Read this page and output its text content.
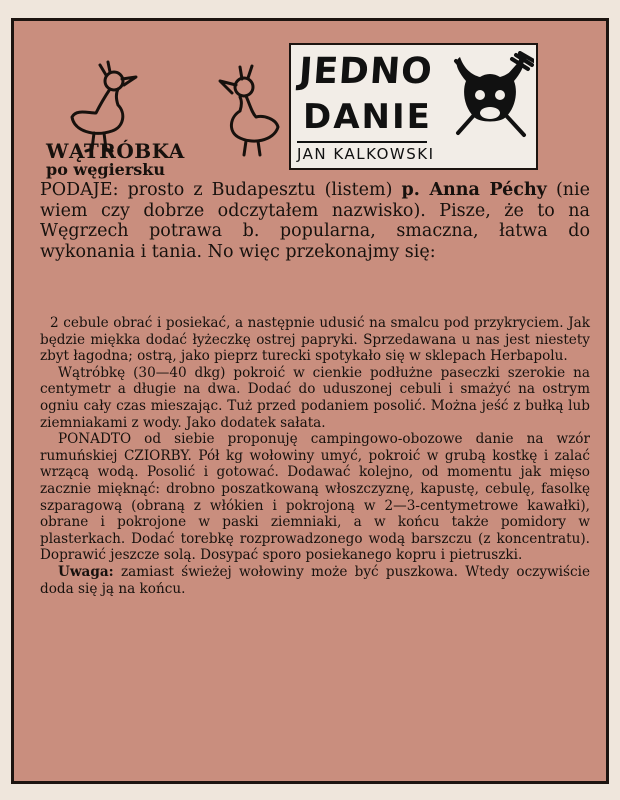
WĄTRÓBKA
po węgiersku
JEDNO
DANIE
JAN KALKOWSKI
PODAJE: prosto z Budapesztu (listem) p. Anna Péchy (nie wiem czy dobrze odczytałem nazwisko). Pisze, że to na Węgrzech potrawa b. popularna, smaczna, łatwa do wykonania i tania. No więc przekonajmy się:

2 cebule obrać i posiekać, a następnie udusić na smalcu pod przykryciem. Jak będzie miękka dodać łyżeczkę ostrej papryki. Sprzedawana u nas jest niestety zbyt łagodna; ostrą, jako pieprz turecki spotykało się w sklepach Herbapolu.

Wątróbkę (30—40 dkg) pokroić w cienkie podłużne paseczki szerokie na centymetr a długie na dwa. Dodać do uduszonej cebuli i smażyć na ostrym ogniu cały czas mieszając. Tuż przed podaniem posolić. Można jeść z bułką lub ziemniakami z wody. Jako dodatek sałata.

PONADTO od siebie proponuję campingowo-obozowe danie na wzór rumuńskiej CZIORBY. Pół kg wołowiny umyć, pokroić w grubą kostkę i zalać wrzącą wodą. Posolić i gotować. Dodawać kolejno, od momentu jak mięso zacznie mięknąć: drobno poszatkowaną włoszczyznę, kapustę, cebulę, fasolkę szparagową (obraną z włókien i pokrojoną w 2—3-centymetrowe kawałki), obrane i pokrojone w paski ziemniaki, a w końcu także pomidory w plasterkach. Dodać torebkę rozprowadzonego wodą barszczu (z koncentratu). Doprawić jeszcze solą. Dosypać sporo posiekanego kopru i pietruszki.

Uwaga: zamiast świeżej wołowiny może być puszkowa. Wtedy oczywiście doda się ją na końcu.
